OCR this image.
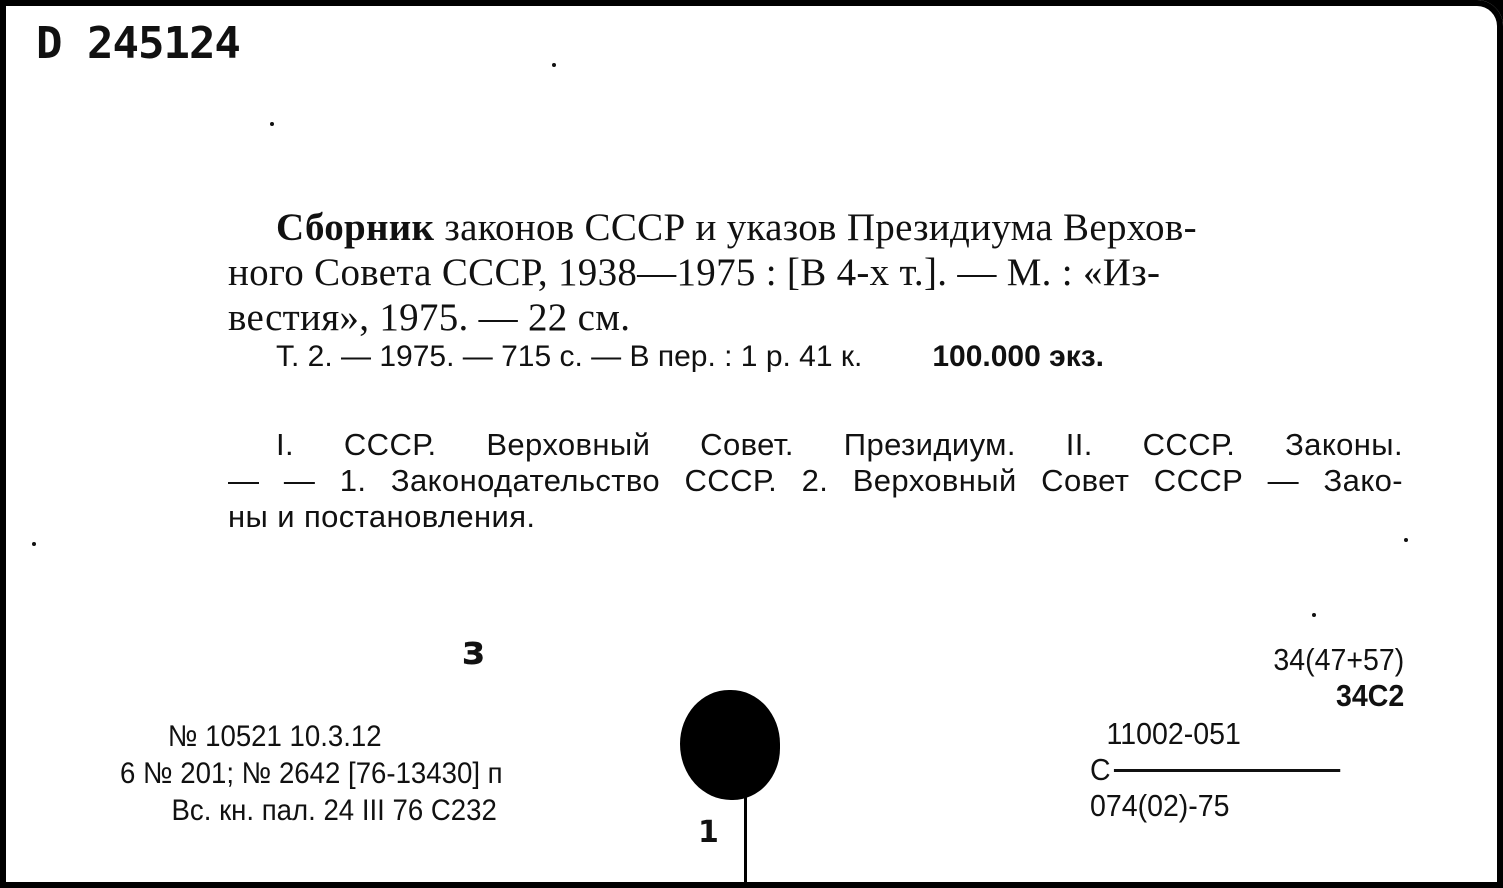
D 245124
Сборник законов СССР и указов Президиума Верхов-
ного Совета СССР, 1938—1975 : [В 4-х т.]. — М. : «Из-
вестия», 1975. — 22 см.
Т. 2. — 1975. — 715 с. — В пер. : 1 р. 41 к. 100.000 экз.
I. СССР. Верховный Совет. Президиум. II. СССР. Законы.
— — 1. Законодательство СССР. 2. Верховный Совет СССР — Зако-
ны и постановления.
з
1
№ 10521 10.3.12
6 № 201; № 2642 [76-13430] п
Вс. кн. пал. 24 III 76 С232
34(47+57)
34С2
11002-051
С
074(02)-75
